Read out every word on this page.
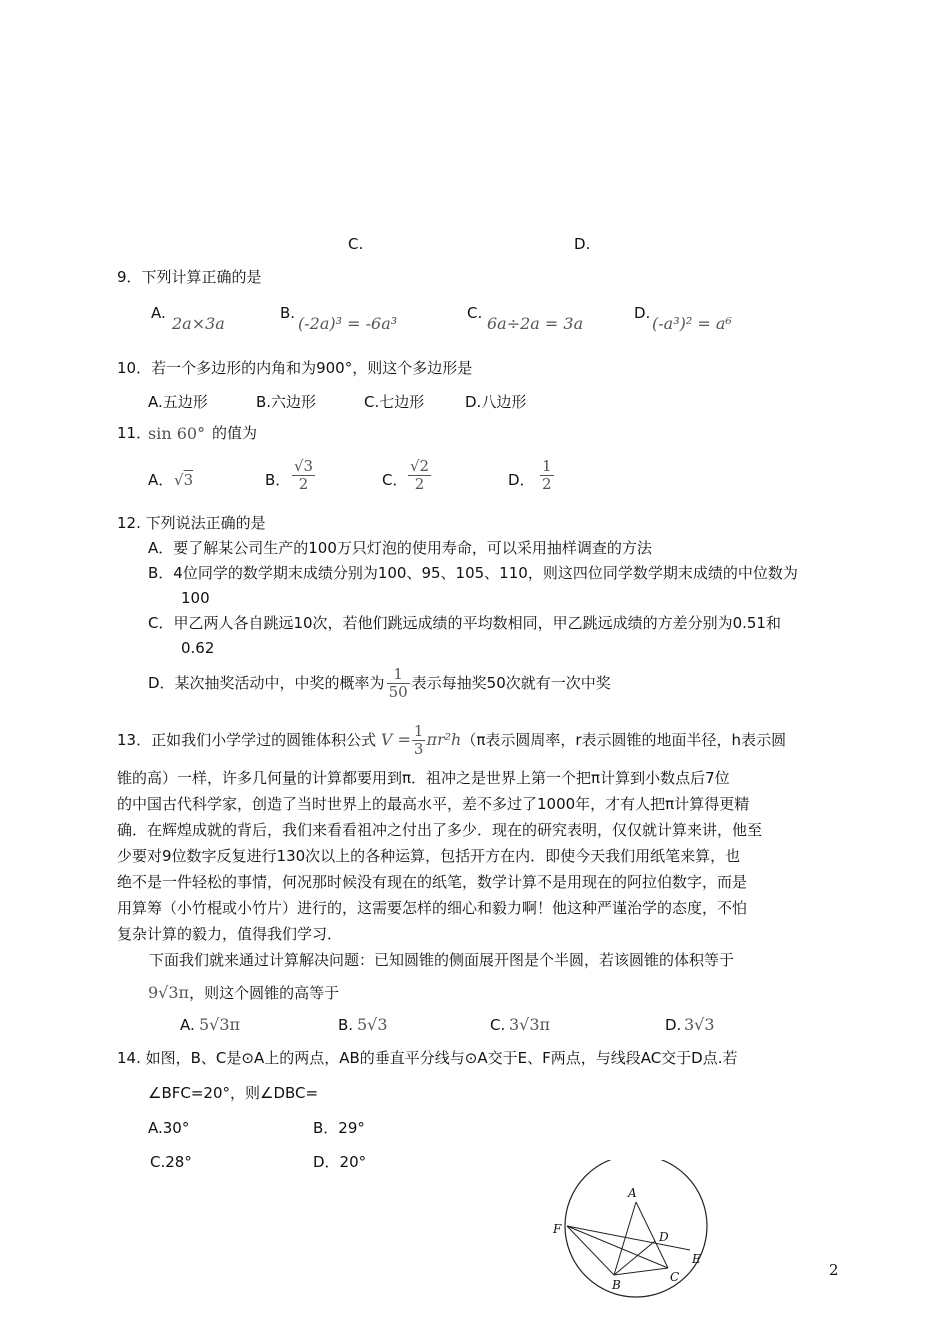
C.	D.
9．下列计算正确的是
A.
2a×3a
B.
(-2a)³ = -6a³
C.
6a÷2a = 3a
D.
(-a³)² = a⁶
10．若一个多边形的内角和为900°，则这个多边形是
A.五边形	B.六边形	C.七边形	D.八边形
11．
sin 60° 的值为
A． √3	B． $\frac{√3}{2}$	C． $\frac{√2}{2}$	D． $\frac{1}{2}$
12. 下列说法正确的是
A．要了解某公司生产的100万只灯泡的使用寿命，可以采用抽样调查的方法
B．4位同学的数学期末成绩分别为100、95、105、110，则这四位同学数学期末成绩的中位数为
100
C．甲乙两人各自跳远10次，若他们跳远成绩的平均数相同，甲乙跳远成绩的方差分别为0.51和
0.62
D．某次抽奖活动中，中奖的概率为 $\frac{1}{50}$ 表示每抽奖50次就有一次中奖
13．正如我们小学学过的圆锥体积公式 $V = \frac{1}{3} \pi r^2h(\pi$表示圆周率，r表示圆锥的地面半径，h表示圆
锥的高）一样，许多几何量的计算都要用到π．祖冲之是世界上第一个把π计算到小数点后7位
的中国古代科学家，创造了当时世界上的最高水平，差不多过了1000年，才有人把π计算得更精
确．在辉煌成就的背后，我们来看看祖冲之付出了多少．现在的研究表明，仅仅就计算来讲，他至
少要对9位数字反复进行130次以上的各种运算，包括开方在内．即使今天我们用纸笔来算，也
绝不是一件轻松的事情，何况那时候没有现在的纸笔，数学计算不是用现在的阿拉伯数字，而是
用算筹（小竹棍或小竹片）进行的，这需要怎样的细心和毅力啊！他这种严谨治学的态度，不怕
复杂计算的毅力，值得我们学习．
下面我们就来通过计算解决问题：已知圆锥的侧面展开图是个半圆，若该圆锥的体积等于
9√3π，则这个圆锥的高等于
A. 5√3π	B. 5√3	C. 3√3π	D. 3√3
14. 如图，B、C是⊙A上的两点，AB的垂直平分线与⊙A交于E、F两点，与线段AC交于D点.若
∠BFC=20°，则∠DBC=
A.30°	B．29°
C.28°	D．20°
A
F
D
E
C
B
2
